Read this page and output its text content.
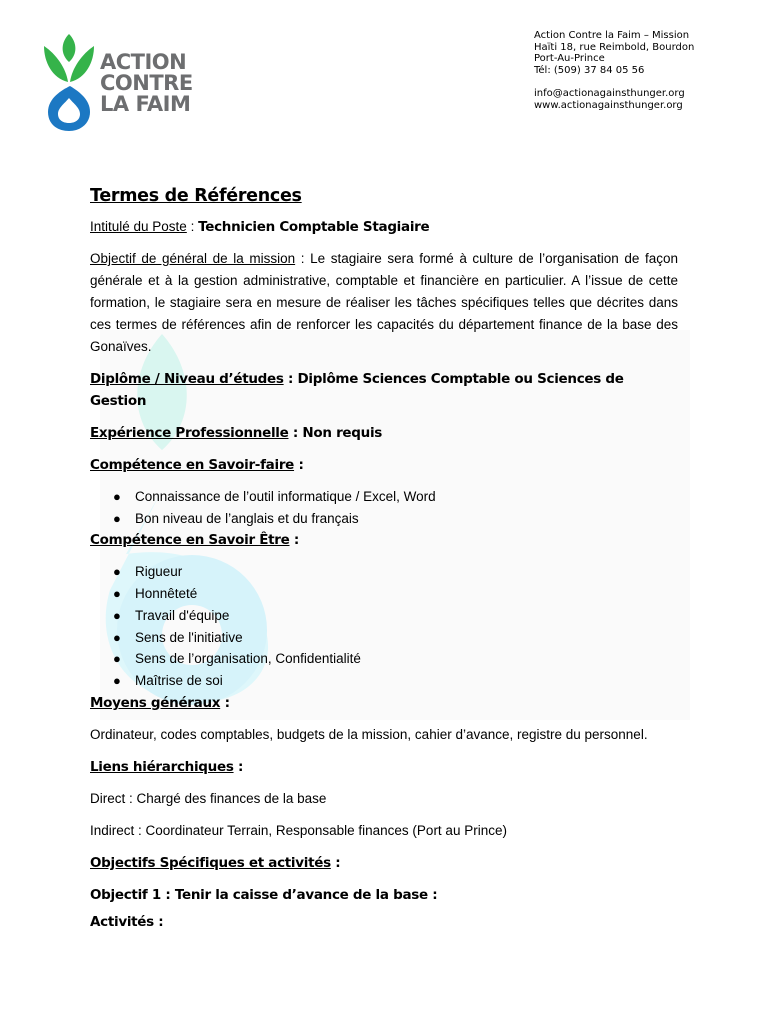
ACTION
CONTRE
LA FAIM
Action Contre la Faim – Mission
Haïti 18, rue Reimbold, Bourdon
Port-Au-Prince
Tél: (509) 37 84 05 56
info@actionagainsthunger.org
www.actionagainsthunger.org
Termes de Références

Intitulé du Poste : Technicien Comptable Stagiaire

Objectif de général de la mission : Le stagiaire sera formé à culture de l’organisation de façon générale et à la gestion administrative, comptable et financière en particulier. A l’issue de cette formation, le stagiaire sera en mesure de réaliser les tâches spécifiques telles que décrites dans ces termes de références afin de renforcer les capacités du département finance de la base des Gonaïves.

Diplôme / Niveau d’études : Diplôme Sciences Comptable ou Sciences de Gestion

Expérience Professionnelle : Non requis

Compétence en Savoir-faire :

● Connaissance de l’outil informatique / Excel, Word
● Bon niveau de l’anglais et du français

Compétence en Savoir Être :

● Rigueur
● Honnêteté
● Travail d'équipe
● Sens de l'initiative
● Sens de l’organisation, Confidentialité
● Maîtrise de soi

Moyens généraux :

Ordinateur, codes comptables, budgets de la mission, cahier d’avance, registre du personnel.

Liens hiérarchiques :

Direct : Chargé des finances de la base

Indirect : Coordinateur Terrain, Responsable finances (Port au Prince)

Objectifs Spécifiques et activités :

Objectif 1 : Tenir la caisse d’avance de la base :

Activités :
